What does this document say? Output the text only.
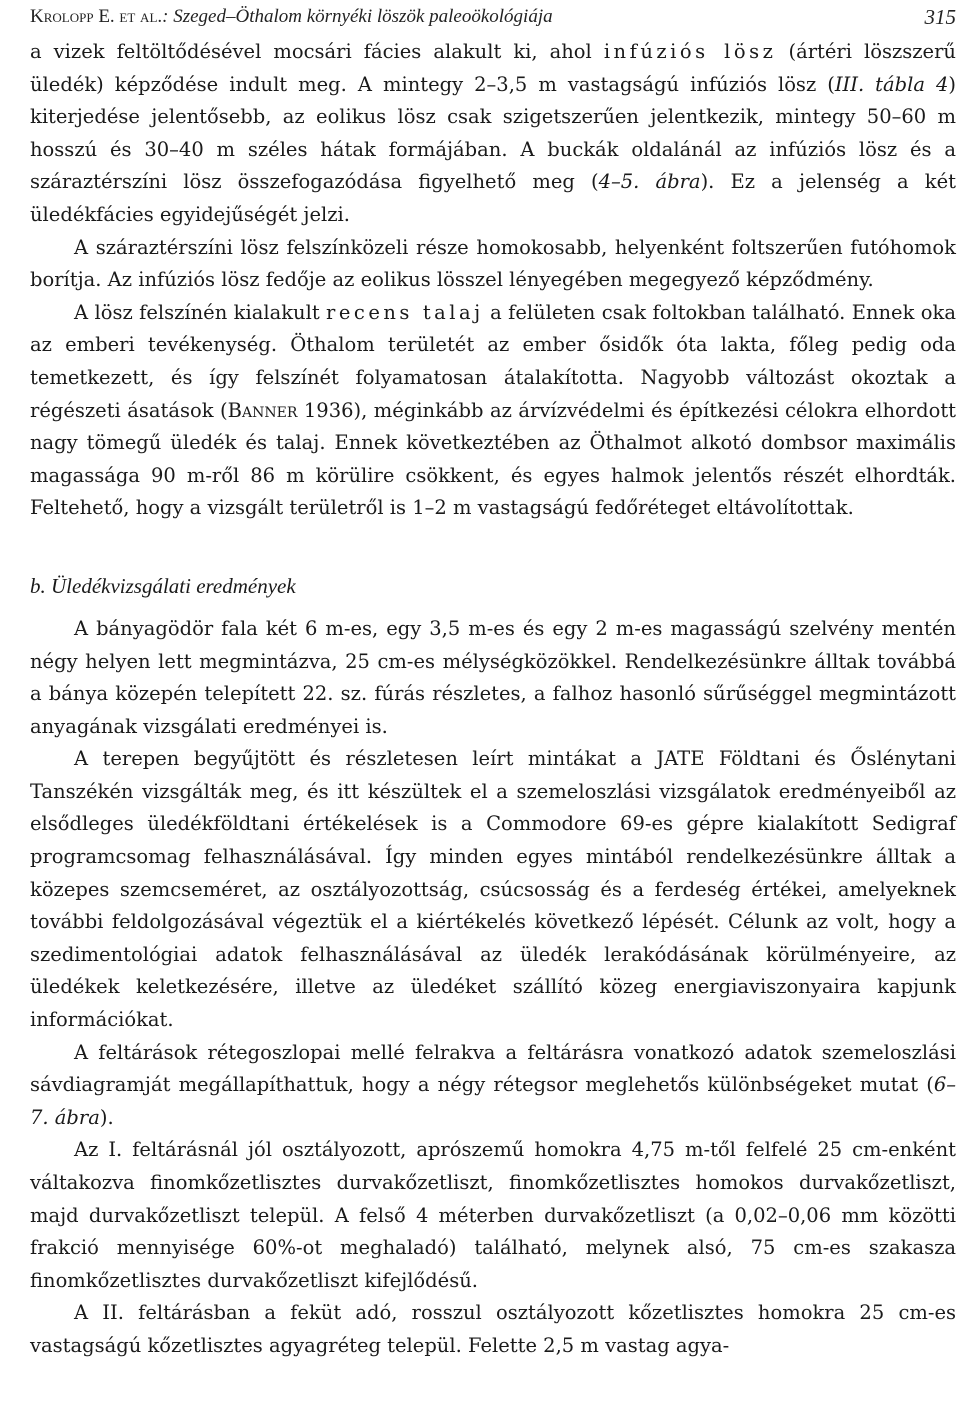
Krolopp E. et al.: Szeged–Öthalom környéki löszök paleoökológiája	315

a vizek feltöltődésével mocsári fácies alakult ki, ahol infúziós lösz (ártéri löszszerű üledék) képződése indult meg. A mintegy 2–3,5 m vastagságú infúziós lösz (III. tábla 4) kiterjedése jelentősebb, az eolikus lösz csak szigetszerűen jelentkezik, mintegy 50–60 m hosszú és 30–40 m széles hátak formájában. A buckák oldalánál az infúziós lösz és a száraztérszíni lösz összefogazódása figyelhető meg (4–5. ábra). Ez a jelenség a két üledékfácies egyidejűségét jelzi.

A száraztérszíni lösz felszínközeli része homokosabb, helyenként foltszerűen futóhomok borítja. Az infúziós lösz fedője az eolikus lösszel lényegében megegyező képződmény.

A lösz felszínén kialakult recens talaj a felületen csak foltokban található. Ennek oka az emberi tevékenység. Öthalom területét az ember ősidők óta lakta, főleg pedig oda temetkezett, és így felszínét folyamatosan átalakította. Nagyobb változást okoztak a régészeti ásatások (Banner 1936), méginkább az árvízvédelmi és építkezési célokra elhordott nagy tömegű üledék és talaj. Ennek következtében az Öthalmot alkotó dombsor maximális magassága 90 m-ről 86 m körülire csökkent, és egyes halmok jelentős részét elhordták. Feltehető, hogy a vizsgált területről is 1–2 m vastagságú fedőréteget eltávolítottak.

b. Üledékvizsgálati eredmények

A bányagödör fala két 6 m-es, egy 3,5 m-es és egy 2 m-es magasságú szelvény mentén négy helyen lett megmintázva, 25 cm-es mélységközökkel. Rendelkezésünkre álltak továbbá a bánya közepén telepített 22. sz. fúrás részletes, a falhoz hasonló sűrűséggel megmintázott anyagának vizsgálati eredményei is.

A terepen begyűjtött és részletesen leírt mintákat a JATE Földtani és Őslénytani Tanszékén vizsgálták meg, és itt készültek el a szemeloszlási vizsgálatok eredményeiből az elsődleges üledékföldtani értékelések is a Commodore 69-es gépre kialakított Sedigraf programcsomag felhasználásával. Így minden egyes mintából rendelkezésünkre álltak a közepes szemcseméret, az osztályozottság, csúcsosság és a ferdeség értékei, amelyeknek további feldolgozásával végeztük el a kiértékelés következő lépését. Célunk az volt, hogy a szedimentológiai adatok felhasználásával az üledék lerakódásának körülményeire, az üledékek keletkezésére, illetve az üledéket szállító közeg energiaviszonyaira kapjunk információkat.

A feltárások rétegoszlopai mellé felrakva a feltárásra vonatkozó adatok szemeloszlási sávdiagramját megállapíthattuk, hogy a négy rétegsor meglehetős különbségeket mutat (6–7. ábra).

Az I. feltárásnál jól osztályozott, aprószemű homokra 4,75 m-től felfelé 25 cm-enként váltakozva finomkőzetlisztes durvakőzetliszt, finomkőzetlisztes homokos durvakőzetliszt, majd durvakőzetliszt települ. A felső 4 méterben durvakőzetliszt (a 0,02–0,06 mm közötti frakció mennyisége 60%-ot meghaladó) található, melynek alsó, 75 cm-es szakasza finomkőzetlisztes durvakőzetliszt kifejlődésű.

A II. feltárásban a feküt adó, rosszul osztályozott kőzetlisztes homokra 25 cm-es vastagságú kőzetlisztes agyagréteg települ. Felette 2,5 m vastag agya-
